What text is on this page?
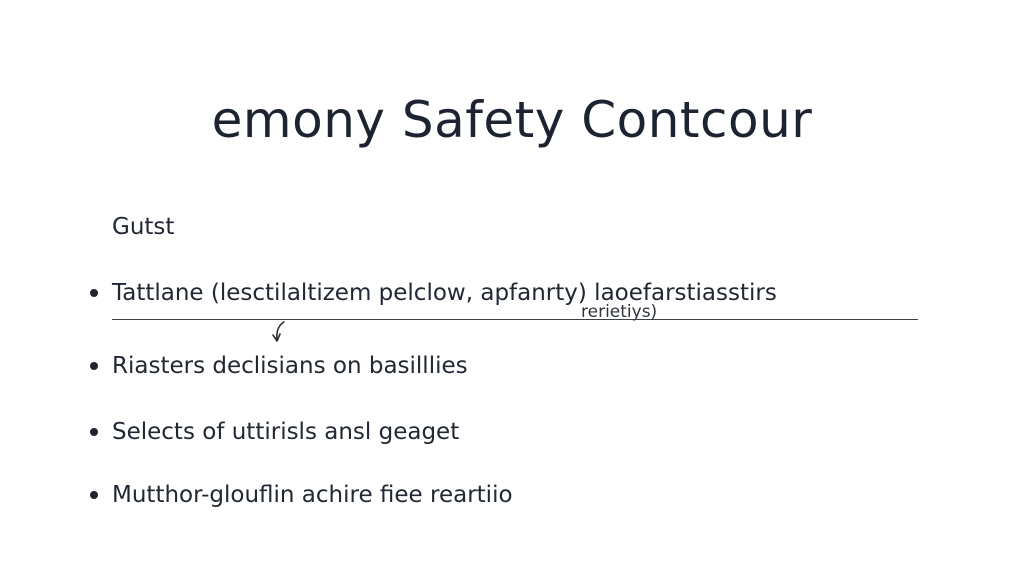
emony Safety Contcour
Gutst
Tattlane (lesctilaltizem pelclow, apfanrty) laoefarstiasstirs
rerietiys)
Riasters declisians on basilllies
Selects of uttirisls ansl geaget
Mutthor-glouflin achire fiee reartiio
